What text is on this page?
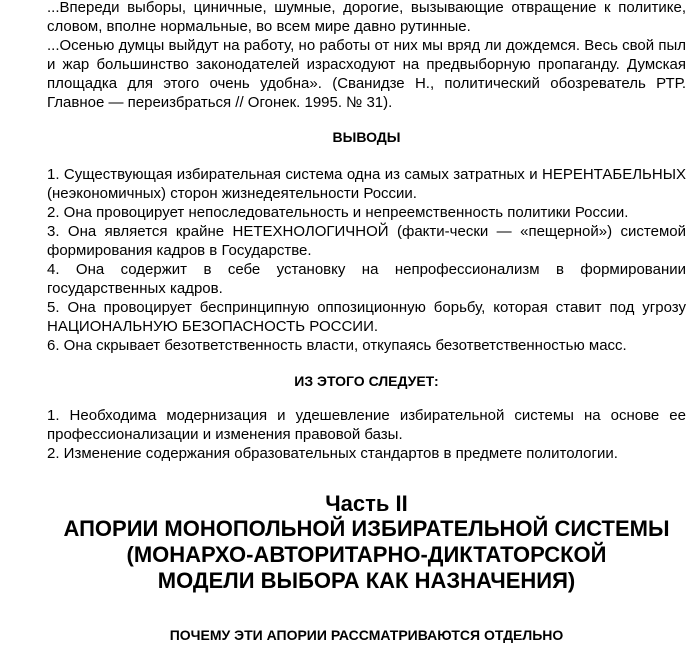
...Впереди выборы, циничные, шумные, дорогие, вызывающие отвращение к политике, словом, вполне нормальные, во всем мире давно рутинные.

...Осенью думцы выйдут на работу, но работы от них мы вряд ли дождемся. Весь свой пыл и жар большинство законодателей израсходуют на предвыборную пропаганду. Думская площадка для этого очень удобна». (Сванидзе Н., политический обозреватель РТР. Главное — переизбраться // Огонек. 1995. № 31).

ВЫВОДЫ
1. Существующая избирательная система одна из самых затратных и НЕРЕНТАБЕЛЬНЫХ (неэкономичных) сторон жизнедеятельности России.
2. Она провоцирует непоследовательность и непреемственность политики России.
3. Она является крайне НЕТЕХНОЛОГИЧНОЙ (факти-чески — «пещерной») системой формирования кадров в Государстве.
4. Она содержит в себе установку на непрофессионализм в формировании государственных кадров.
5. Она провоцирует беспринципную оппозиционную борьбу, которая ставит под угрозу НАЦИОНАЛЬНУЮ БЕЗОПАСНОСТЬ РОССИИ.
6. Она скрывает безответственность власти, откупаясь безответственностью масс.
ИЗ ЭТОГО СЛЕДУЕТ:
1. Необходима модернизация и удешевление избирательной системы на основе ее профессионализации и изменения правовой базы.
2. Изменение содержания образовательных стандартов в предмете политологии.
Часть II
АПОРИИ МОНОПОЛЬНОЙ ИЗБИРАТЕЛЬНОЙ СИСТЕМЫ
(МОНАРХО-АВТОРИТАРНО-ДИКТАТОРСКОЙ
МОДЕЛИ ВЫБОРА КАК НАЗНАЧЕНИЯ)
ПОЧЕМУ ЭТИ АПОРИИ РАССМАТРИВАЮТСЯ ОТДЕЛЬНО
